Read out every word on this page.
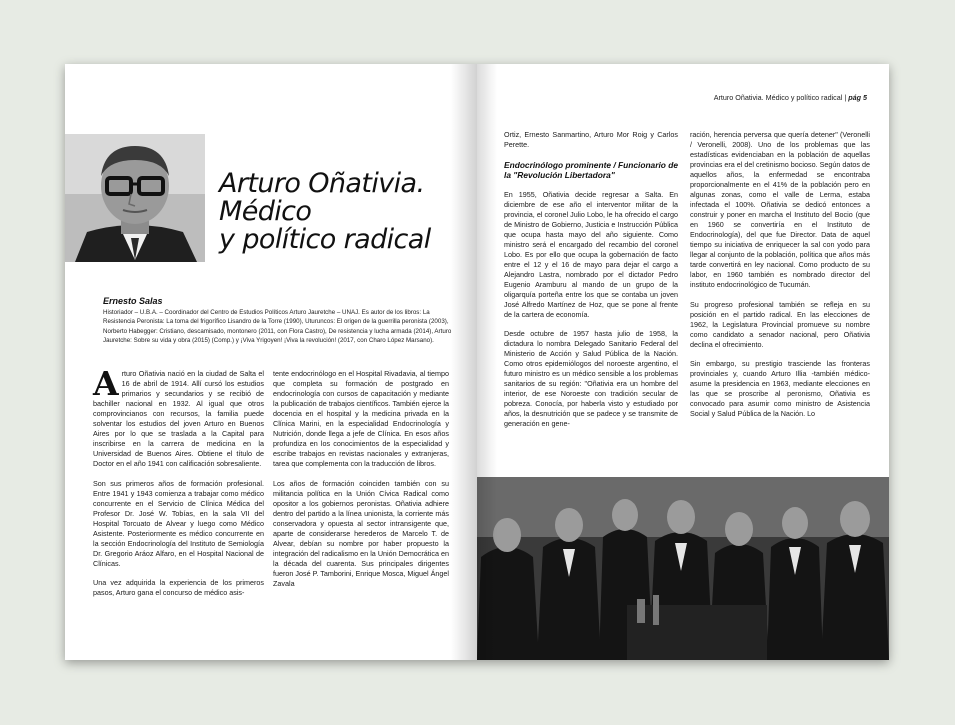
Arturo Oñativia.
Médico
y político radical
Ernesto Salas
Historiador – U.B.A. – Coordinador del Centro de Estudios Políticos Arturo Jauretche – UNAJ. Es autor de los libros: La Resistencia Peronista: La toma del frigorífico Lisandro de la Torre (1990), Uturuncos: El origen de la guerrilla peronista (2003), Norberto Habegger: Cristiano, descamisado, montonero (2011, con Flora Castro), De resistencia y lucha armada (2014), Arturo Jauretche: Sobre su vida y obra (2015) (Comp.) y ¡Viva Yrigoyen! ¡Viva la revolución! (2017, con Charo López Marsano).

Arturo Oñativia nació en la ciudad de Salta el 16 de abril de 1914. Allí cursó los estudios primarios y secundarios y se recibió de bachiller nacional en 1932. Al igual que otros comprovincianos con recursos, la familia puede solventar los estudios del joven Arturo en Buenos Aires por lo que se traslada a la Capital para inscribirse en la carrera de medicina en la Universidad de Buenos Aires. Obtiene el título de Doctor en el año 1941 con calificación sobresaliente.

Son sus primeros años de formación profesional. Entre 1941 y 1943 comienza a trabajar como médico concurrente en el Servicio de Clínica Médica del Profesor Dr. José W. Tobías, en la sala VII del Hospital Torcuato de Alvear y luego como Médico Asistente. Posteriormente es médico concurrente en la sección Endocrinología del Instituto de Semiología Dr. Gregorio Aráoz Alfaro, en el Hospital Nacional de Clínicas.

Una vez adquirida la experiencia de los primeros pasos, Arturo gana el concurso de médico asis-

tente endocrinólogo en el Hospital Rivadavia, al tiempo que completa su formación de postgrado en endocrinología con cursos de capacitación y mediante la publicación de trabajos científicos. También ejerce la docencia en el hospital y la medicina privada en la Clínica Marini, en la especialidad Endocrinología y Nutrición, donde llega a jefe de Clínica. En esos años profundiza en los conocimientos de la especialidad y escribe trabajos en revistas nacionales y extranjeras, tarea que complementa con la traducción de libros.

Los años de formación coinciden también con su militancia política en la Unión Cívica Radical como opositor a los gobiernos peronistas. Oñativia adhiere dentro del partido a la línea unionista, la corriente más conservadora y opuesta al sector intransigente que, aparte de considerarse herederos de Marcelo T. de Alvear, debían su nombre por haber propuesto la integración del radicalismo en la Unión Democrática en la década del cuarenta. Sus principales dirigentes fueron José P. Tamborini, Enrique Mosca, Miguel Ángel Zavala

Arturo Oñativia. Médico y político radical | pág 5

Ortiz, Ernesto Sanmartino, Arturo Mor Roig y Carlos Perette.

Endocrinólogo prominente / Funcionario de la "Revolución Libertadora"

En 1955, Oñativia decide regresar a Salta. En diciembre de ese año el interventor militar de la provincia, el coronel Julio Lobo, le ha ofrecido el cargo de Ministro de Gobierno, Justicia e Instrucción Pública que ocupa hasta mayo del año siguiente. Como ministro será el encargado del recambio del coronel Lobo. Es por ello que ocupa la gobernación de facto entre el 12 y el 16 de mayo para dejar el cargo a Alejandro Lastra, nombrado por el dictador Pedro Eugenio Aramburu al mando de un grupo de la oligarquía porteña entre los que se contaba un joven José Alfredo Martínez de Hoz, que se pone al frente de la cartera de economía.

Desde octubre de 1957 hasta julio de 1958, la dictadura lo nombra Delegado Sanitario Federal del Ministerio de Acción y Salud Pública de la Nación. Como otros epidemiólogos del noroeste argentino, el futuro ministro es un médico sensible a los problemas sanitarios de su región: "Oñativia era un hombre del interior, de ese Noroeste con tradición secular de pobreza. Conocía, por haberla visto y estudiado por años, la desnutrición que se padece y se transmite de generación en gene-

ración, herencia perversa que quería detener" (Veronelli / Veronelli, 2008). Uno de los problemas que las estadísticas evidenciaban en la población de aquellas provincias era el del cretinismo bocioso. Según datos de aquellos años, la enfermedad se encontraba proporcionalmente en el 41% de la población pero en algunas zonas, como el valle de Lerma, estaba infectada el 100%. Oñativia se dedicó entonces a construir y poner en marcha el Instituto del Bocio (que en 1960 se convertiría en el Instituto de Endocrinología), del que fue Director. Data de aquel tiempo su iniciativa de enriquecer la sal con yodo para llegar al conjunto de la población, política que años más tarde convertirá en ley nacional. Como producto de su labor, en 1960 también es nombrado director del instituto endocrinológico de Tucumán.

Su progreso profesional también se refleja en su posición en el partido radical. En las elecciones de 1962, la Legislatura Provincial promueve su nombre como candidato a senador nacional, pero Oñativia declina el ofrecimiento.

Sin embargo, su prestigio trasciende las fronteras provinciales y, cuando Arturo Illia -también médico- asume la presidencia en 1963, mediante elecciones en las que se proscribe al peronismo, Oñativia es convocado para asumir como ministro de Asistencia Social y Salud Pública de la Nación. Lo
